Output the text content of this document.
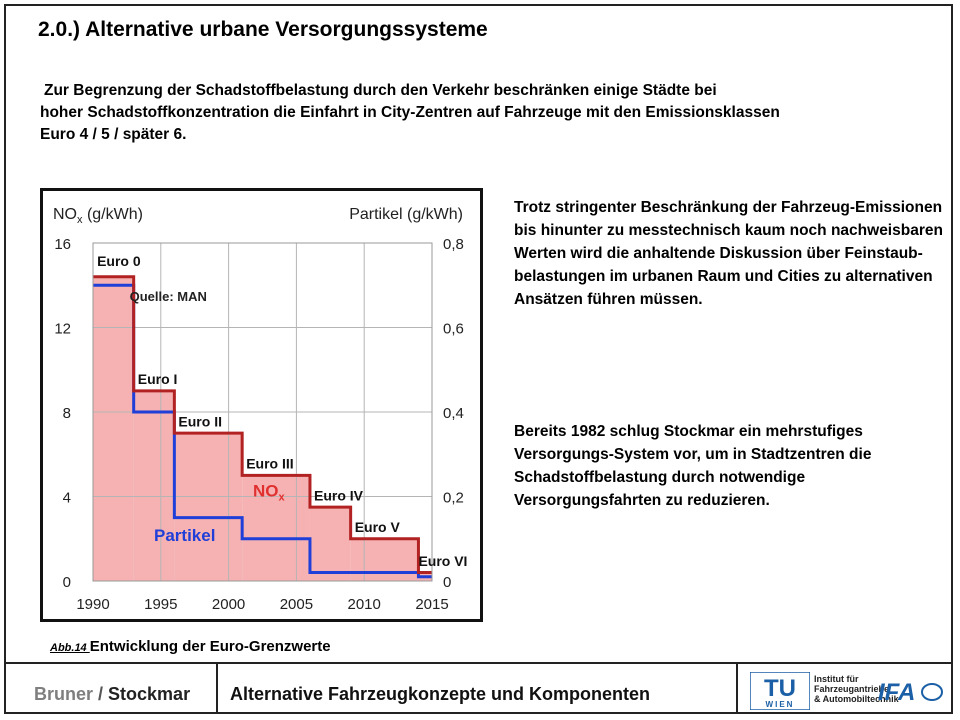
2.0.) Alternative urbane Versorgungssysteme
Zur Begrenzung der Schadstoffbelastung durch den Verkehr beschränken einige Städte bei
hoher Schadstoffkonzentration die Einfahrt in City-Zentren auf Fahrzeuge mit den Emissionsklassen
Euro 4 / 5 / später 6.
0
4
8
12
16
0
0,2
0,4
0,6
0,8
1990 1995 2000 2005 2010 2015
$NO_x$ (g/kWh)	Partikel (g/kWh)
Quelle: MAN
Euro 0
Euro I
Euro II
Euro III
Euro IV
Euro V
Euro VI
$NO_x$
Partikel
Abb.14 Entwicklung der Euro-Grenzwerte
Trotz stringenter Beschränkung der Fahrzeug-Emissionen bis hinunter zu messtechnisch kaum noch nachweisbaren Werten wird die anhaltende Diskussion über Feinstaub-belastungen im urbanen Raum und Cities zu alternativen Ansätzen führen müssen.
Bereits 1982 schlug Stockmar ein mehrstufiges Versorgungs-System vor, um in Stadtzentren die Schadstoffbelastung durch notwendige Versorgungsfahrten zu reduzieren.
Bruner / Stockmar Alternative Fahrzeugkonzepte und Komponenten	TU
WIEN
Institut für
Fahrzeugantriebe
& Automobiltechnik
IFA
